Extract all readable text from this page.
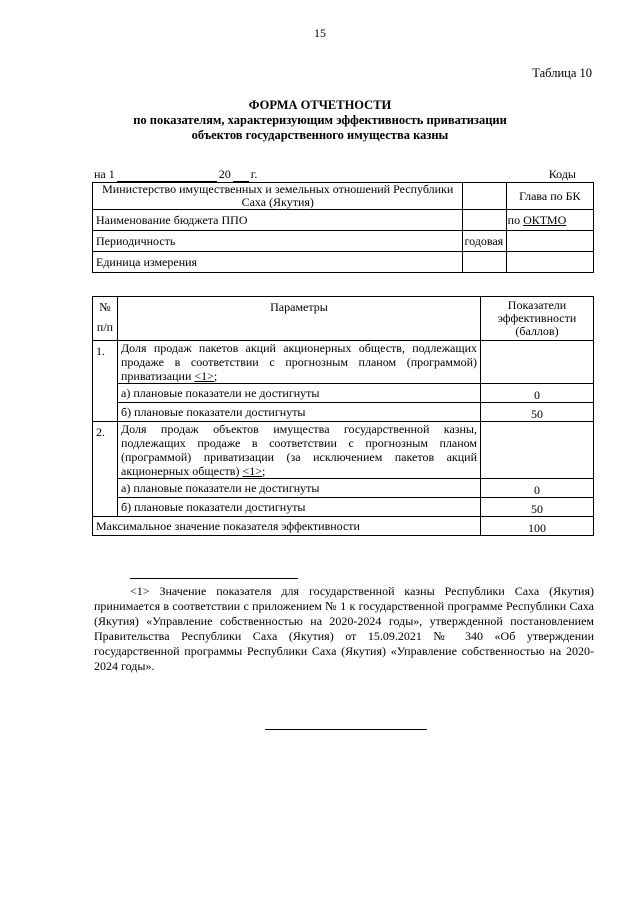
15
Таблица 10
ФОРМА ОТЧЕТНОСТИ
по показателям, характеризующим эффективность приватизации
объектов государственного имущества казны
на 1	20 г.	Коды
Министерство имущественных и земельных отношений Республики Саха (Якутия)		Глава по БК
Наименование бюджета ППО		по ОКТМО
Периодичность	годовая	
Единица измерения		
№
п/п	Параметры	Показатели эффективности (баллов)
1.	Доля продаж пакетов акций акционерных обществ, подлежащих продаже в соответствии с прогнозным планом (программой) приватизации <1>;	
	а) плановые показатели не достигнуты	0
	б) плановые показатели достигнуты	50
2.	Доля продаж объектов имущества государственной казны, подлежащих продаже в соответствии с прогнозным планом (программой) приватизации (за исключением пакетов акций акционерных обществ) <1>;	
	а) плановые показатели не достигнуты	0
	б) плановые показатели достигнуты	50
Максимальное значение показателя эффективности		100
<1> Значение показателя для государственной казны Республики Саха (Якутия) принимается в соответствии с приложением № 1 к государственной программе Республики Саха (Якутия) «Управление собственностью на 2020-2024 годы», утвержденной постановлением Правительства Республики Саха (Якутия) от 15.09.2021 № 340 «Об утверждении государственной программы Республики Саха (Якутия) «Управление собственностью на 2020-2024 годы».
